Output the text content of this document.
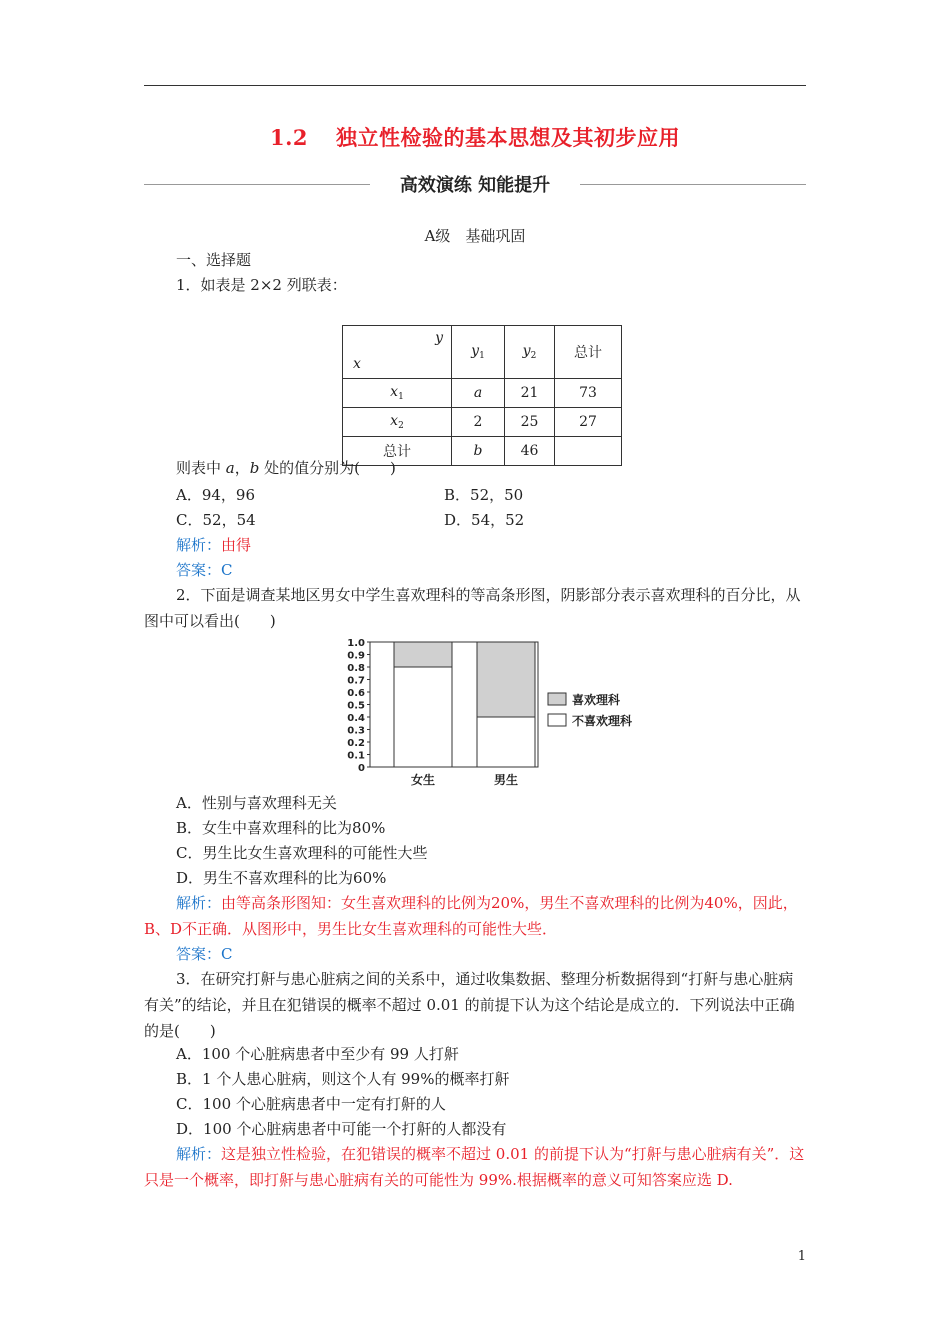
1.2 独立性检验的基本思想及其初步应用
高效演练 知能提升
A级　基础巩固
一、选择题
1．如表是 2×2 列联表：
y
x	$y_1$	$y_2$	总计
$x_1$	a	21	73
$x_2$	2	25	27
总计	b	46	
则表中 a，b 处的值分别为(　　)
A．94，96	B．52，50
C．52，54	D．54，52
解析：由得
答案：C
2．下面是调查某地区男女中学生喜欢理科的等高条形图，阴影部分表示喜欢理科的百分比，从图中可以看出(　　)
0
0.1
0.2
0.3
0.4
0.5
0.6
0.7
0.8
0.9
1.0
女生	男生
喜欢理科
不喜欢理科
A．性别与喜欢理科无关
B．女生中喜欢理科的比为80%
C．男生比女生喜欢理科的可能性大些
D．男生不喜欢理科的比为60%
解析：由等高条形图知：女生喜欢理科的比例为20%，男生不喜欢理科的比例为40%，因此，B、D不正确．从图形中，男生比女生喜欢理科的可能性大些．
答案：C
3．在研究打鼾与患心脏病之间的关系中，通过收集数据、整理分析数据得到“打鼾与患心脏病有关”的结论，并且在犯错误的概率不超过 0.01 的前提下认为这个结论是成立的．下列说法中正确的是(　　)
A．100 个心脏病患者中至少有 99 人打鼾
B．1 个人患心脏病，则这个人有 99%的概率打鼾
C．100 个心脏病患者中一定有打鼾的人
D．100 个心脏病患者中可能一个打鼾的人都没有
解析：这是独立性检验，在犯错误的概率不超过 0.01 的前提下认为“打鼾与患心脏病有关”．这只是一个概率，即打鼾与患心脏病有关的可能性为 99%.根据概率的意义可知答案应选 D.
1
